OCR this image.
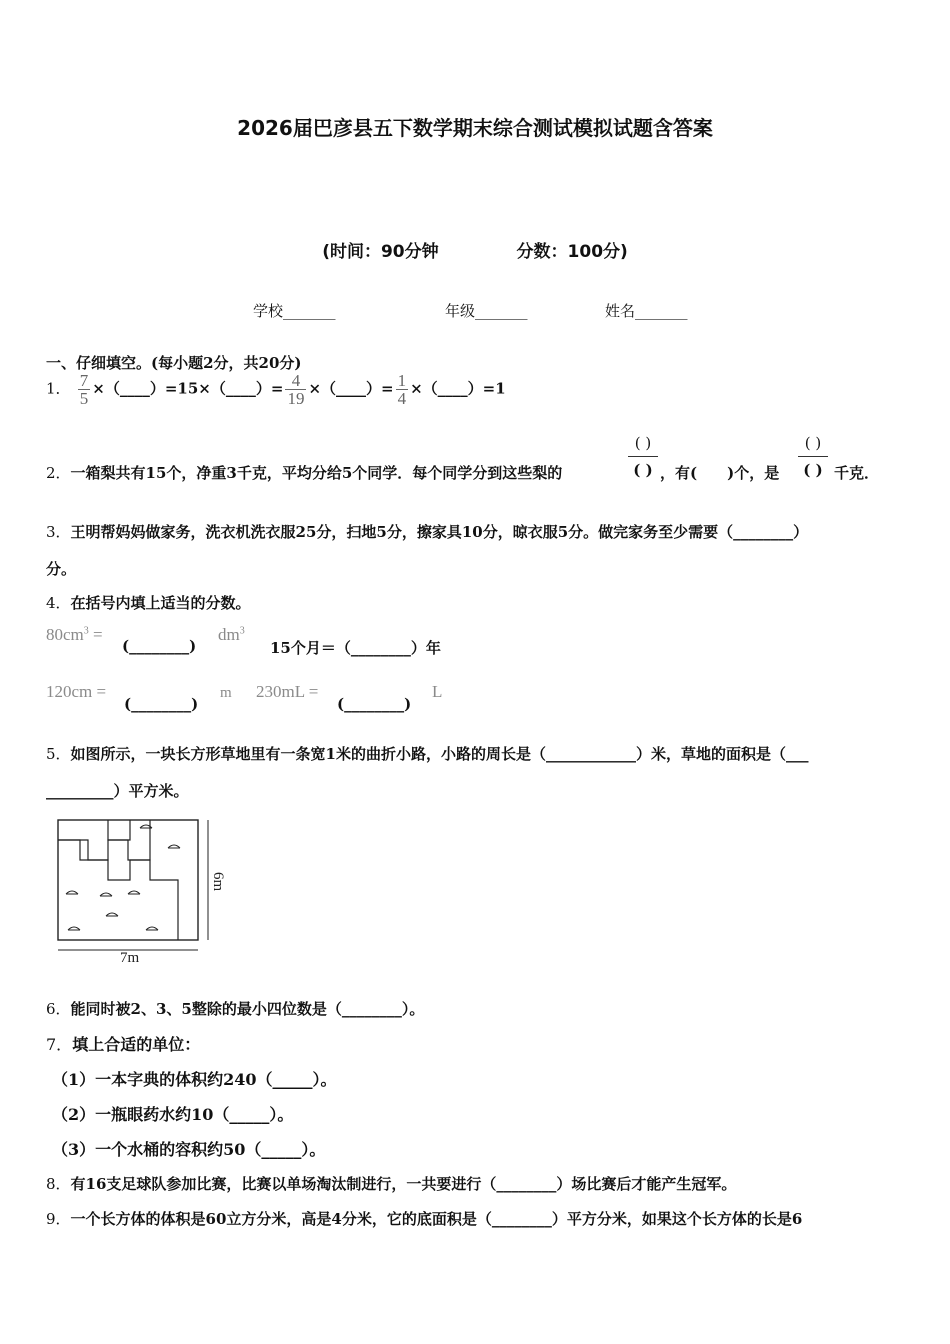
2026届巴彦县五下数学期末综合测试模拟试题含答案
(时间：90分钟	分数：100分)
学校_______	年级_______	姓名_______
一、仔细填空。(每小题2分，共20分)
1． $\frac{7}{5}$ ×（____）=15×（____）= $\frac{4}{19}$ ×（____）= $\frac{1}{4}$ ×（____）=1
2．一箱梨共有15个，净重3千克，平均分给5个同学．每个同学分到这些梨的
( )
( ) ，有(　　)个，是
( )
( ) 千克．
3．王明帮妈妈做家务，洗衣机洗衣服25分，扫地5分，擦家具10分，晾衣服5分。做完家务至少需要（________）
分。
4．在括号内填上适当的分数。
$80cm^3$ =
(________)
$dm^3$
15个月＝（________）年
120cm =
(________)
m 230mL =
(________)
L
5．如图所示，一块长方形草地里有一条宽1米的曲折小路，小路的周长是（____________）米，草地的面积是（___
_________）平方米。
7m
6m
6．能同时被2、3、5整除的最小四位数是（________）。
7．填上合适的单位：
（1）一本字典的体积约240（_____）。
（2）一瓶眼药水约10（_____）。
（3）一个水桶的容积约50（_____）。
8．有16支足球队参加比赛，比赛以单场淘汰制进行，一共要进行（________）场比赛后才能产生冠军。
9．一个长方体的体积是60立方分米，高是4分米，它的底面积是（________）平方分米，如果这个长方体的长是6
